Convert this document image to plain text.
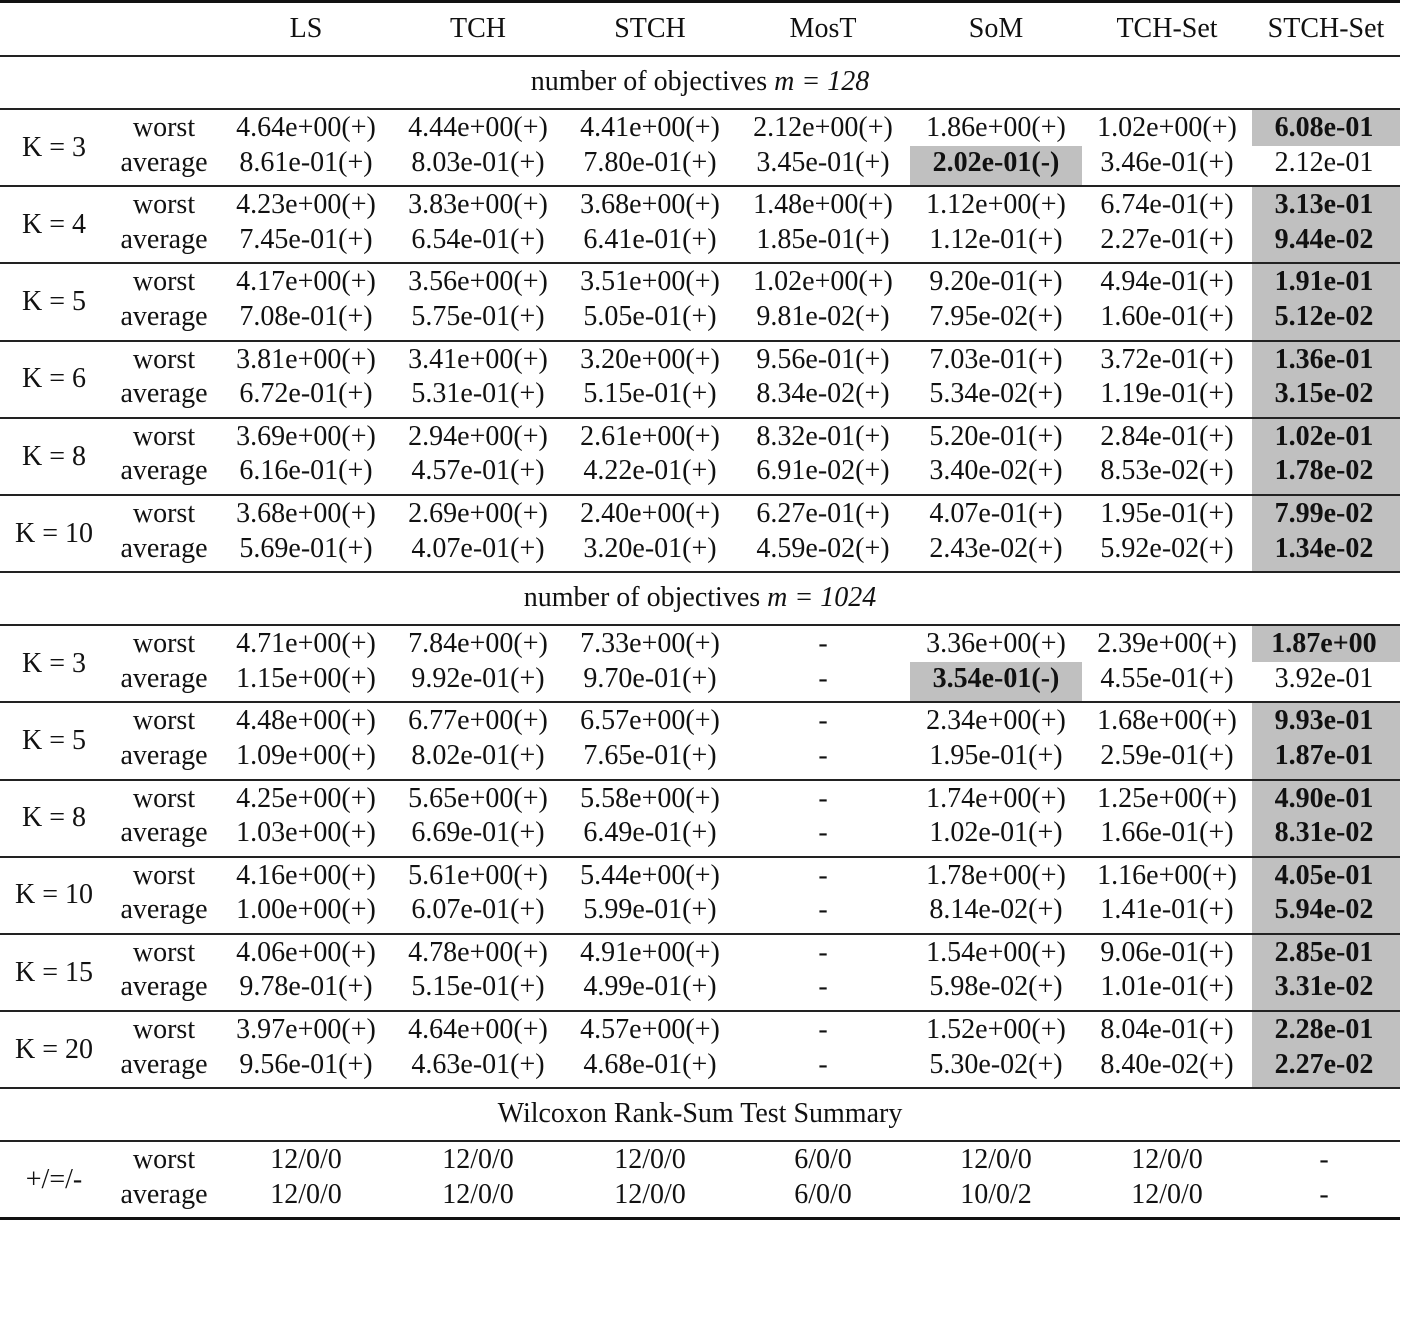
		LS	TCH	STCH	MosT	SoM	TCH-Set	STCH-Set
number of objectives m = 128								
K = 3	worst	4.64e+00(+)	4.44e+00(+)	4.41e+00(+)	2.12e+00(+)	1.86e+00(+)	1.02e+00(+)	6.08e-01
	average	8.61e-01(+)	8.03e-01(+)	7.80e-01(+)	3.45e-01(+)	2.02e-01(-)	3.46e-01(+)	2.12e-01
K = 4	worst	4.23e+00(+)	3.83e+00(+)	3.68e+00(+)	1.48e+00(+)	1.12e+00(+)	6.74e-01(+)	3.13e-01
	average	7.45e-01(+)	6.54e-01(+)	6.41e-01(+)	1.85e-01(+)	1.12e-01(+)	2.27e-01(+)	9.44e-02
K = 5	worst	4.17e+00(+)	3.56e+00(+)	3.51e+00(+)	1.02e+00(+)	9.20e-01(+)	4.94e-01(+)	1.91e-01
	average	7.08e-01(+)	5.75e-01(+)	5.05e-01(+)	9.81e-02(+)	7.95e-02(+)	1.60e-01(+)	5.12e-02
K = 6	worst	3.81e+00(+)	3.41e+00(+)	3.20e+00(+)	9.56e-01(+)	7.03e-01(+)	3.72e-01(+)	1.36e-01
	average	6.72e-01(+)	5.31e-01(+)	5.15e-01(+)	8.34e-02(+)	5.34e-02(+)	1.19e-01(+)	3.15e-02
K = 8	worst	3.69e+00(+)	2.94e+00(+)	2.61e+00(+)	8.32e-01(+)	5.20e-01(+)	2.84e-01(+)	1.02e-01
	average	6.16e-01(+)	4.57e-01(+)	4.22e-01(+)	6.91e-02(+)	3.40e-02(+)	8.53e-02(+)	1.78e-02
K = 10	worst	3.68e+00(+)	2.69e+00(+)	2.40e+00(+)	6.27e-01(+)	4.07e-01(+)	1.95e-01(+)	7.99e-02
	average	5.69e-01(+)	4.07e-01(+)	3.20e-01(+)	4.59e-02(+)	2.43e-02(+)	5.92e-02(+)	1.34e-02
number of objectives m = 1024								
K = 3	worst	4.71e+00(+)	7.84e+00(+)	7.33e+00(+)	-	3.36e+00(+)	2.39e+00(+)	1.87e+00
	average	1.15e+00(+)	9.92e-01(+)	9.70e-01(+)	-	3.54e-01(-)	4.55e-01(+)	3.92e-01
K = 5	worst	4.48e+00(+)	6.77e+00(+)	6.57e+00(+)	-	2.34e+00(+)	1.68e+00(+)	9.93e-01
	average	1.09e+00(+)	8.02e-01(+)	7.65e-01(+)	-	1.95e-01(+)	2.59e-01(+)	1.87e-01
K = 8	worst	4.25e+00(+)	5.65e+00(+)	5.58e+00(+)	-	1.74e+00(+)	1.25e+00(+)	4.90e-01
	average	1.03e+00(+)	6.69e-01(+)	6.49e-01(+)	-	1.02e-01(+)	1.66e-01(+)	8.31e-02
K = 10	worst	4.16e+00(+)	5.61e+00(+)	5.44e+00(+)	-	1.78e+00(+)	1.16e+00(+)	4.05e-01
	average	1.00e+00(+)	6.07e-01(+)	5.99e-01(+)	-	8.14e-02(+)	1.41e-01(+)	5.94e-02
K = 15	worst	4.06e+00(+)	4.78e+00(+)	4.91e+00(+)	-	1.54e+00(+)	9.06e-01(+)	2.85e-01
	average	9.78e-01(+)	5.15e-01(+)	4.99e-01(+)	-	5.98e-02(+)	1.01e-01(+)	3.31e-02
K = 20	worst	3.97e+00(+)	4.64e+00(+)	4.57e+00(+)	-	1.52e+00(+)	8.04e-01(+)	2.28e-01
	average	9.56e-01(+)	4.63e-01(+)	4.68e-01(+)	-	5.30e-02(+)	8.40e-02(+)	2.27e-02
Wilcoxon Rank-Sum Test Summary								
+/=/-	worst	12/0/0	12/0/0	12/0/0	6/0/0	12/0/0	12/0/0	-
	average	12/0/0	12/0/0	12/0/0	6/0/0	10/0/2	12/0/0	-
